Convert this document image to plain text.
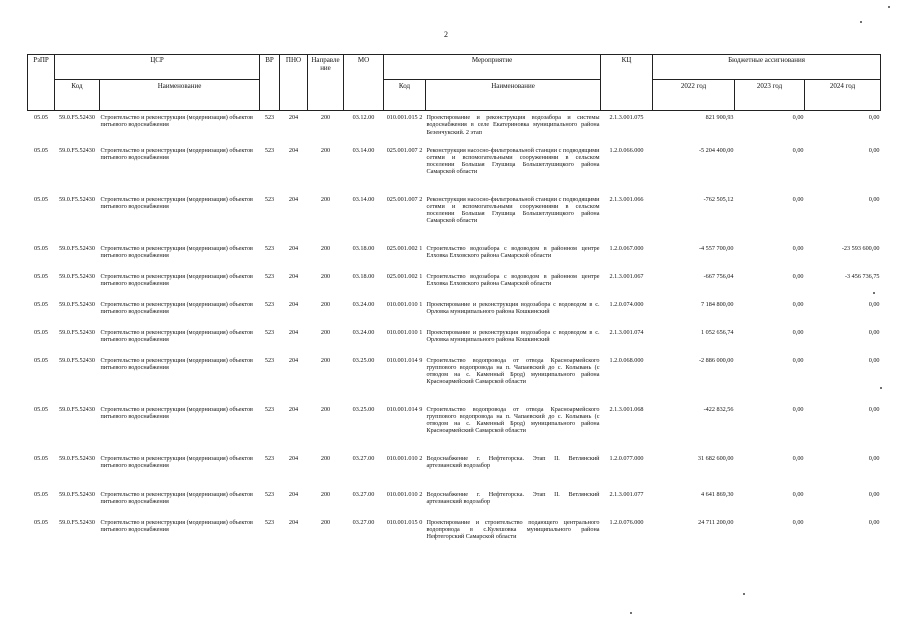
2
РзПР	ЦСР		ВР	ПНО	Направле ние	МО	Мероприятие		КЦ	Бюджетные ассигнования		
	Код	Наименование					Код	Наименование		2022 год	2023 год	2024 год
05.05	59.0.F5.52430	Строительство и реконструкция (модернизация) объектов питьевого водоснабжения	523	204	200	03.12.00	010.001.015 2	Проектирование и реконструкция водозабора и системы водоснабжения в селе Екатериновка муниципального района Безенчукский. 2 этап	2.1.3.001.075	821 900,93	0,00	0,00
05.05	59.0.F5.52430	Строительство и реконструкция (модернизация) объектов питьевого водоснабжения	523	204	200	03.14.00	025.001.007 2	Реконструкция насосно-фильтровальной станции с подводящими сетями и вспомогательными сооружениями в сельском поселении Большая Глушица Большеглушицкого района Самарской области	1.2.0.066.000	-5 204 400,00	0,00	0,00
05.05	59.0.F5.52430	Строительство и реконструкция (модернизация) объектов питьевого водоснабжения	523	204	200	03.14.00	025.001.007 2	Реконструкция насосно-фильтровальной станции с подводящими сетями и вспомогательными сооружениями в сельском поселении Большая Глушица Большеглушицкого района Самарской области	2.1.3.001.066	-762 505,12	0,00	0,00
05.05	59.0.F5.52430	Строительство и реконструкция (модернизация) объектов питьевого водоснабжения	523	204	200	03.18.00	025.001.002 1	Строительство водозабора с водоводом в районном центре Елховка Елховского района Самарской области	1.2.0.067.000	-4 557 700,00	0,00	-23 593 600,00
05.05	59.0.F5.52430	Строительство и реконструкция (модернизация) объектов питьевого водоснабжения	523	204	200	03.18.00	025.001.002 1	Строительство водозабора с водоводом в районном центре Елховка Елховского района Самарской области	2.1.3.001.067	-667 756,04	0,00	-3 456 736,75
05.05	59.0.F5.52430	Строительство и реконструкция (модернизация) объектов питьевого водоснабжения	523	204	200	03.24.00	010.001.010 1	Проектирование и реконструкция водозабора с водоводом в с. Орловка муниципального района Кошкинский	1.2.0.074.000	7 184 800,00	0,00	0,00
05.05	59.0.F5.52430	Строительство и реконструкция (модернизация) объектов питьевого водоснабжения	523	204	200	03.24.00	010.001.010 1	Проектирование и реконструкция водозабора с водоводом в с. Орловка муниципального района Кошкинский	2.1.3.001.074	1 052 656,74	0,00	0,00
05.05	59.0.F5.52430	Строительство и реконструкция (модернизация) объектов питьевого водоснабжения	523	204	200	03.25.00	010.001.014 9	Строительство водопровода от отвода Красноармейского группового водопровода на п. Чапаевский до с. Колывань (с отводом на с. Каменный Брод) муниципального района Красноармейский Самарской области	1.2.0.068.000	-2 886 000,00	0,00	0,00
05.05	59.0.F5.52430	Строительство и реконструкция (модернизация) объектов питьевого водоснабжения	523	204	200	03.25.00	010.001.014 9	Строительство водопровода от отвода Красноармейского группового водопровода на п. Чапаевский до с. Колывань (с отводом на с. Каменный Брод) муниципального района Красноармейский Самарской области	2.1.3.001.068	-422 832,56	0,00	0,00
05.05	59.0.F5.52430	Строительство и реконструкция (модернизация) объектов питьевого водоснабжения	523	204	200	03.27.00	010.001.010 2	Водоснабжение г. Нефтегорска. Этап II. Ветлянский артезианский водозабор	1.2.0.077.000	31 682 600,00	0,00	0,00
05.05	59.0.F5.52430	Строительство и реконструкция (модернизация) объектов питьевого водоснабжения	523	204	200	03.27.00	010.001.010 2	Водоснабжение г. Нефтегорска. Этап II. Ветлянский артезианский водозабор	2.1.3.001.077	4 641 869,30	0,00	0,00
05.05	59.0.F5.52430	Строительство и реконструкция (модернизация) объектов питьевого водоснабжения	523	204	200	03.27.00	010.001.015 0	Проектирование и строительство подающего центрального водопровода в с.Кулешовка муниципального района Нефтегорский Самарской области	1.2.0.076.000	24 711 200,00	0,00	0,00
